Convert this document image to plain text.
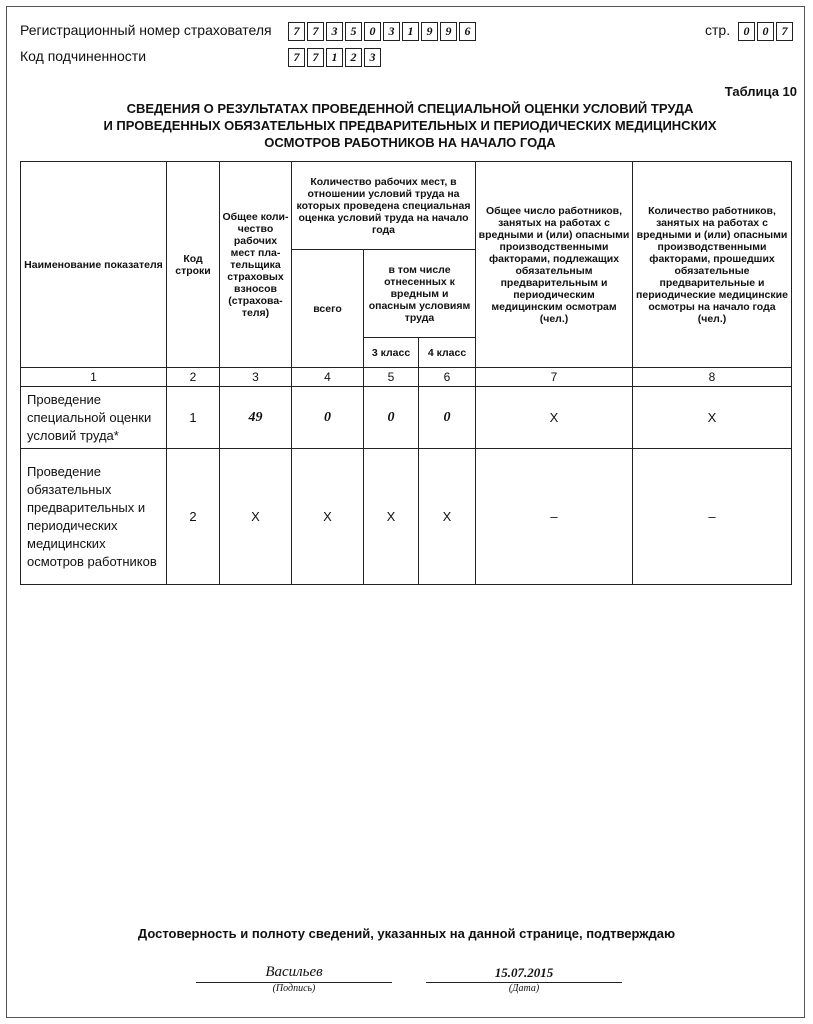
Регистрационный номер страхователя	7	7	3	5	0	3	1	9	9	6	стр.	0	0	7
Код подчиненности	7	7	1	2	3
Таблица 10
СВЕДЕНИЯ О РЕЗУЛЬТАТАХ ПРОВЕДЕННОЙ СПЕЦИАЛЬНОЙ ОЦЕНКИ УСЛОВИЙ ТРУДА
И ПРОВЕДЕННЫХ ОБЯЗАТЕЛЬНЫХ ПРЕДВАРИТЕЛЬНЫХ И ПЕРИОДИЧЕСКИХ МЕДИЦИНСКИХ
ОСМОТРОВ РАБОТНИКОВ НА НАЧАЛО ГОДА
Наименование показателя	Код строки	Общее коли- чество рабочих мест пла- тельщика страховых взносов (страхова- теля)	Количество рабочих мест, в отношении условий труда на которых проведена специальная оценка условий труда на начало года			Общее число работников, занятых на работах с вредными и (или) опасными производственными факторами, подлежащих обязательным предварительным и периодическим медицинским осмотрам (чел.)	Количество работников, занятых на работах с вредными и (или) опасными производственными факторами, прошедших обязательные предварительные и периодические медицинские осмотры на начало года (чел.)
			всего	в том числе отнесенных к вредным и опасным условиям труда			
				3 класс	4 класс		
1	2	3	4	5	6	7	8
Проведение специальной оценки условий труда*	1	49	0	0	0	Х	Х
Проведение обязательных предварительных и периодических медицинских осмотров работников	2	Х	Х	Х	Х	–	–
Достоверность и полноту сведений, указанных на данной странице, подтверждаю
Васильев
(Подпись)
15.07.2015
(Дата)
